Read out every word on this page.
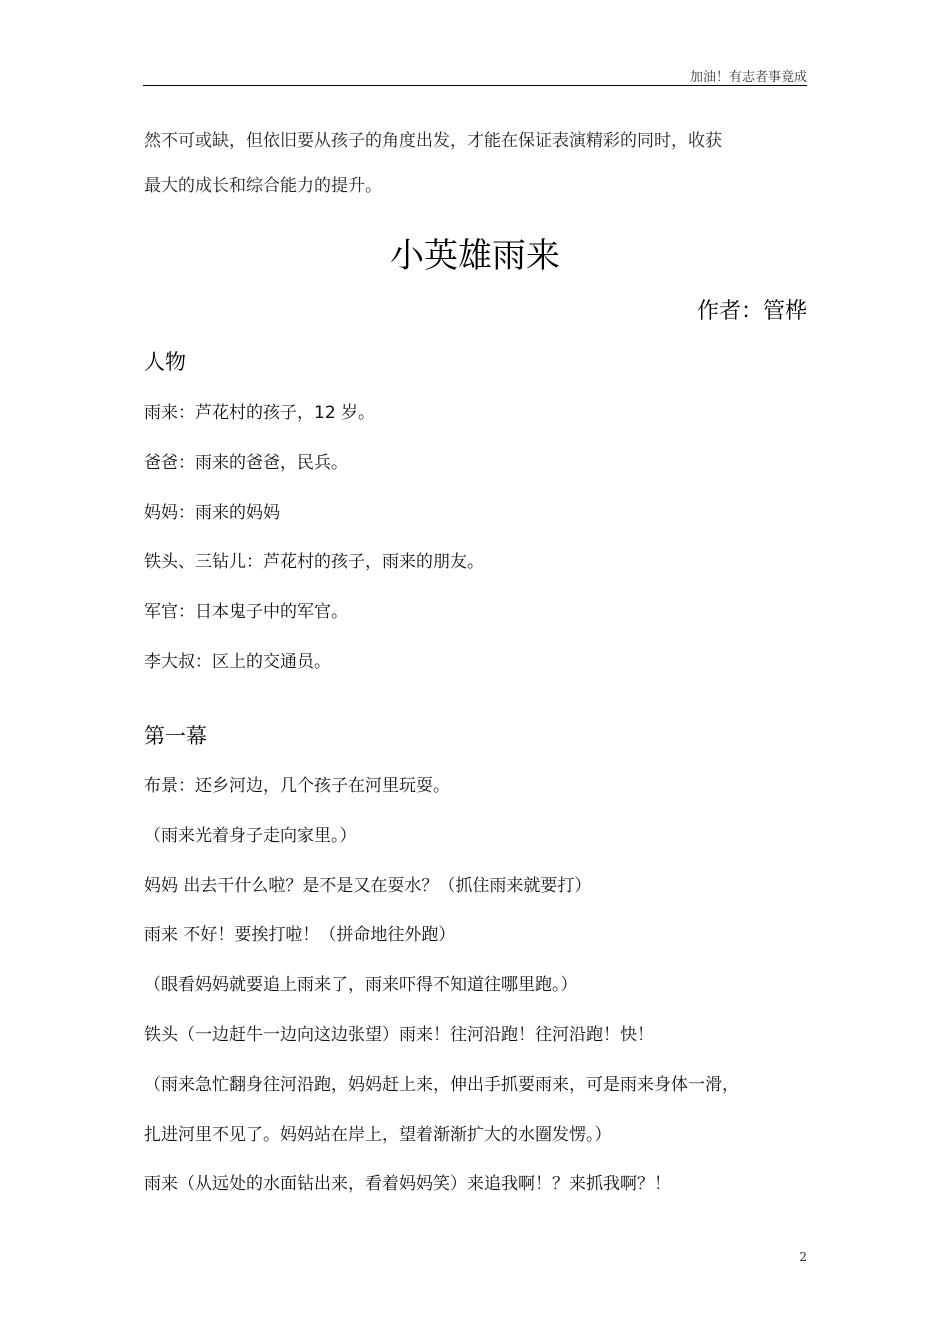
加油！有志者事竟成
然不可或缺，但依旧要从孩子的角度出发，才能在保证表演精彩的同时，收获
最大的成长和综合能力的提升。
小英雄雨来
作者：管桦
人物
雨来：芦花村的孩子，12 岁。
爸爸：雨来的爸爸，民兵。
妈妈：雨来的妈妈
铁头、三钻儿：芦花村的孩子，雨来的朋友。
军官：日本鬼子中的军官。
李大叔：区上的交通员。
第一幕
布景：还乡河边，几个孩子在河里玩耍。
（雨来光着身子走向家里。）
妈妈 出去干什么啦？是不是又在耍水？（抓住雨来就要打）
雨来 不好！要挨打啦！（拼命地往外跑）
（眼看妈妈就要追上雨来了，雨来吓得不知道往哪里跑。）
铁头（一边赶牛一边向这边张望）雨来！往河沿跑！往河沿跑！快！
（雨来急忙翻身往河沿跑，妈妈赶上来，伸出手抓要雨来，可是雨来身体一滑，
扎进河里不见了。妈妈站在岸上，望着渐渐扩大的水圈发愣。）
雨来（从远处的水面钻出来，看着妈妈笑）来追我啊！？来抓我啊？！
2
